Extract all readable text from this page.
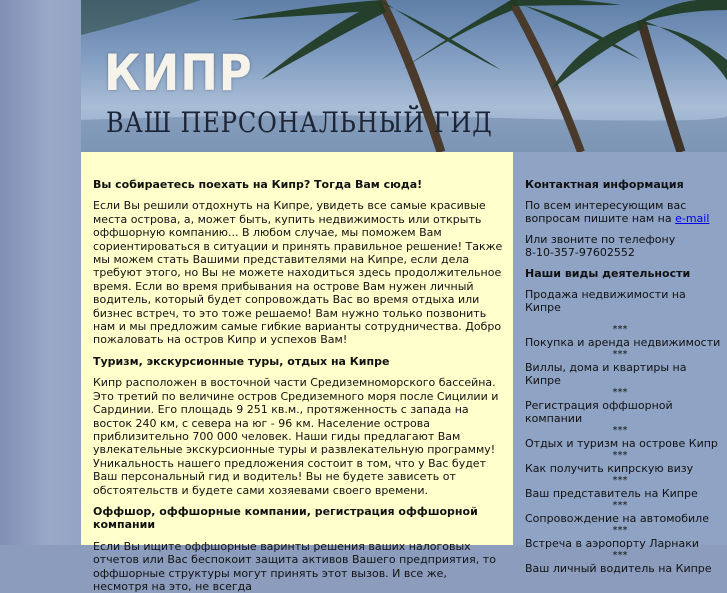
КИПР
ВАШ ПЕРСОНАЛЬНЫЙ ГИД
Вы собираетесь поехать на Кипр? Тогда Вам сюда!

Если Вы решили отдохнуть на Кипре, увидеть все самые красивые места острова, а, может быть, купить недвижимость или открыть оффшорную компанию... В любом случае, мы поможем Вам сориентироваться в ситуации и принять правильное решение! Также мы можем стать Вашими представителями на Кипре, если дела требуют этого, но Вы не можете находиться здесь продолжительное время. Если во время прибывания на острове Вам нужен личный водитель, который будет сопровождать Вас во время отдыха или бизнес встреч, то это тоже решаемо! Вам нужно только позвонить нам и мы предложим самые гибкие варианты сотрудничества. Добро пожаловать на остров Кипр и успехов Вам!

Туризм, экскурсионные туры, отдых на Кипре

Кипр расположен в восточной части Средиземноморского бассейна. Это третий по величине остров Средиземного моря после Сицилии и Сардинии. Его площадь 9 251 кв.м., протяженность с запада на восток 240 км, с севера на юг - 96 км. Население острова приблизительно 700 000 человек. Наши гиды предлагают Вам увлекательные экскурсионные туры и развлекательную программу!

Уникальность нашего предложения состоит в том, что у Вас будет Ваш персональный гид и водитель! Вы не будете зависеть от обстоятельств и будете сами хозяевами своего времени.

Оффшор, оффшорные компании, регистрация оффшорной компании

Если Вы ищите оффшорные варинты решения ваших налоговых отчетов или Вас беспокоит защита активов Вашего предприятия, то оффшорные структуры могут принять этот вызов. И все же, несмотря на это, не всегда

Контактная информация

По всем интересующим вас вопросам пишите нам на e-mail

Или звоните по телефону
8-10-357-97602552

Наши виды деятельности
Продажа недвижимости на Кипре
***
Покупка и аренда недвижимости
***
Виллы, дома и квартиры на Кипре
***
Регистрация оффшорной компании
***
Отдых и туризм на острове Кипр
***
Как получить кипрскую визу
***
Ваш представитель на Кипре
***
Сопровождение на автомобиле
***
Встреча в аэропорту Ларнаки
***
Ваш личный водитель на Кипре
